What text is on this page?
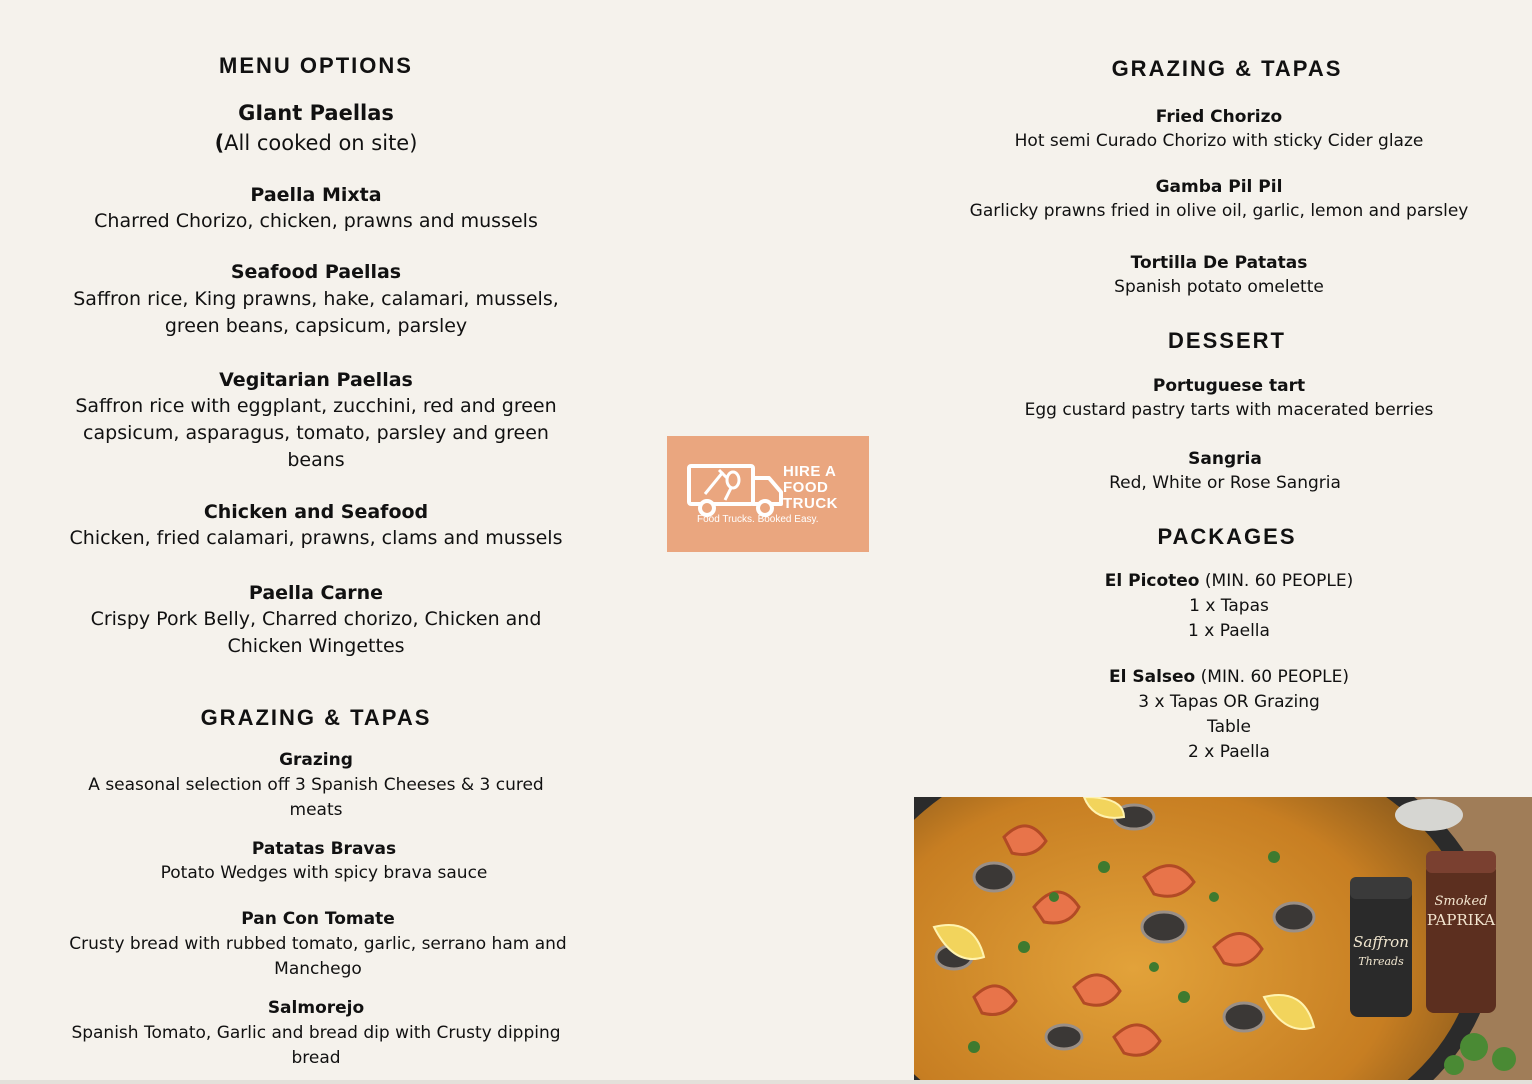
MENU OPTIONS
GIant Paellas
(All cooked on site)
Paella Mixta
Charred Chorizo, chicken, prawns and mussels
Seafood Paellas
Saffron rice, King prawns, hake, calamari, mussels,
green beans, capsicum, parsley
Vegitarian Paellas
Saffron rice with eggplant, zucchini, red and green
capsicum, asparagus, tomato, parsley and green
beans
Chicken and Seafood
Chicken, fried calamari, prawns, clams and mussels
Paella Carne
Crispy Pork Belly, Charred chorizo, Chicken and
Chicken Wingettes
GRAZING & TAPAS
Grazing
A seasonal selection off 3 Spanish Cheeses & 3 cured
meats
Patatas Bravas
Potato Wedges with spicy brava sauce
Pan Con Tomate
Crusty bread with rubbed tomato, garlic, serrano ham and
Manchego
Salmorejo
Spanish Tomato, Garlic and bread dip with Crusty dipping
bread
HIRE A
FOOD
TRUCK
Food Trucks. Booked Easy.
GRAZING & TAPAS
Fried Chorizo
Hot semi Curado Chorizo with sticky Cider glaze
Gamba Pil Pil
Garlicky prawns fried in olive oil, garlic, lemon and parsley
Tortilla De Patatas
Spanish potato omelette
DESSERT
Portuguese tart
Egg custard pastry tarts with macerated berries
Sangria
Red, White or Rose Sangria
PACKAGES
El Picoteo (MIN. 60 PEOPLE)
1 x Tapas
1 x Paella
El Salseo (MIN. 60 PEOPLE)
3 x Tapas OR Grazing
Table
2 x Paella
Saffron
Threads
Smoked
PAPRIKA
